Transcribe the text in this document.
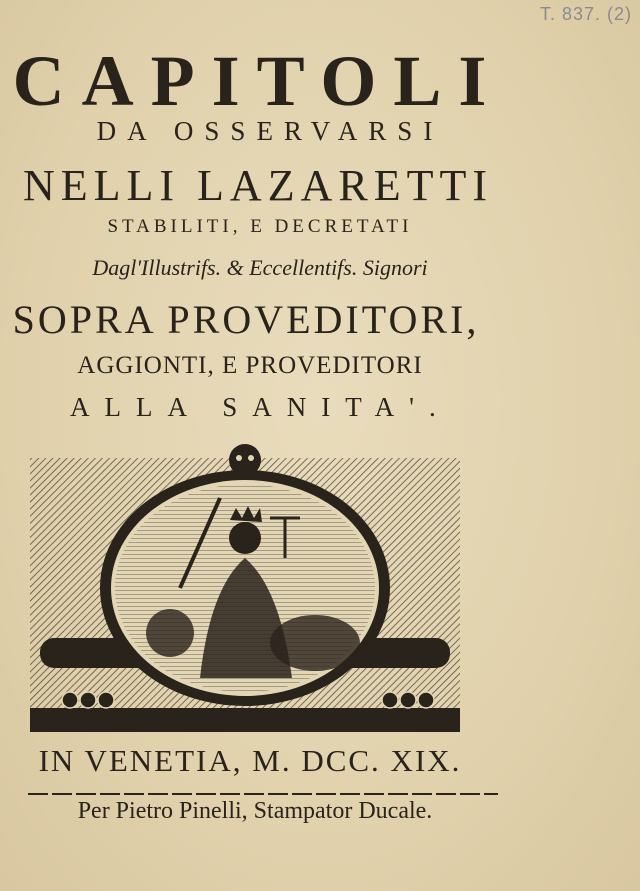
T. 837. (2)
CAPITOLI
DA OSSERVARSI
NELLI LAZARETTI
STABILITI, E DECRETATI
Dagl'Illustrifs. & Eccellentifs. Signori
SOPRA PROVEDITORI,
AGGIONTI, E PROVEDITORI
ALLA SANITA'.
IN VENETIA, M. DCC. XIX.
Per Pietro Pinelli, Stampator Ducale.
